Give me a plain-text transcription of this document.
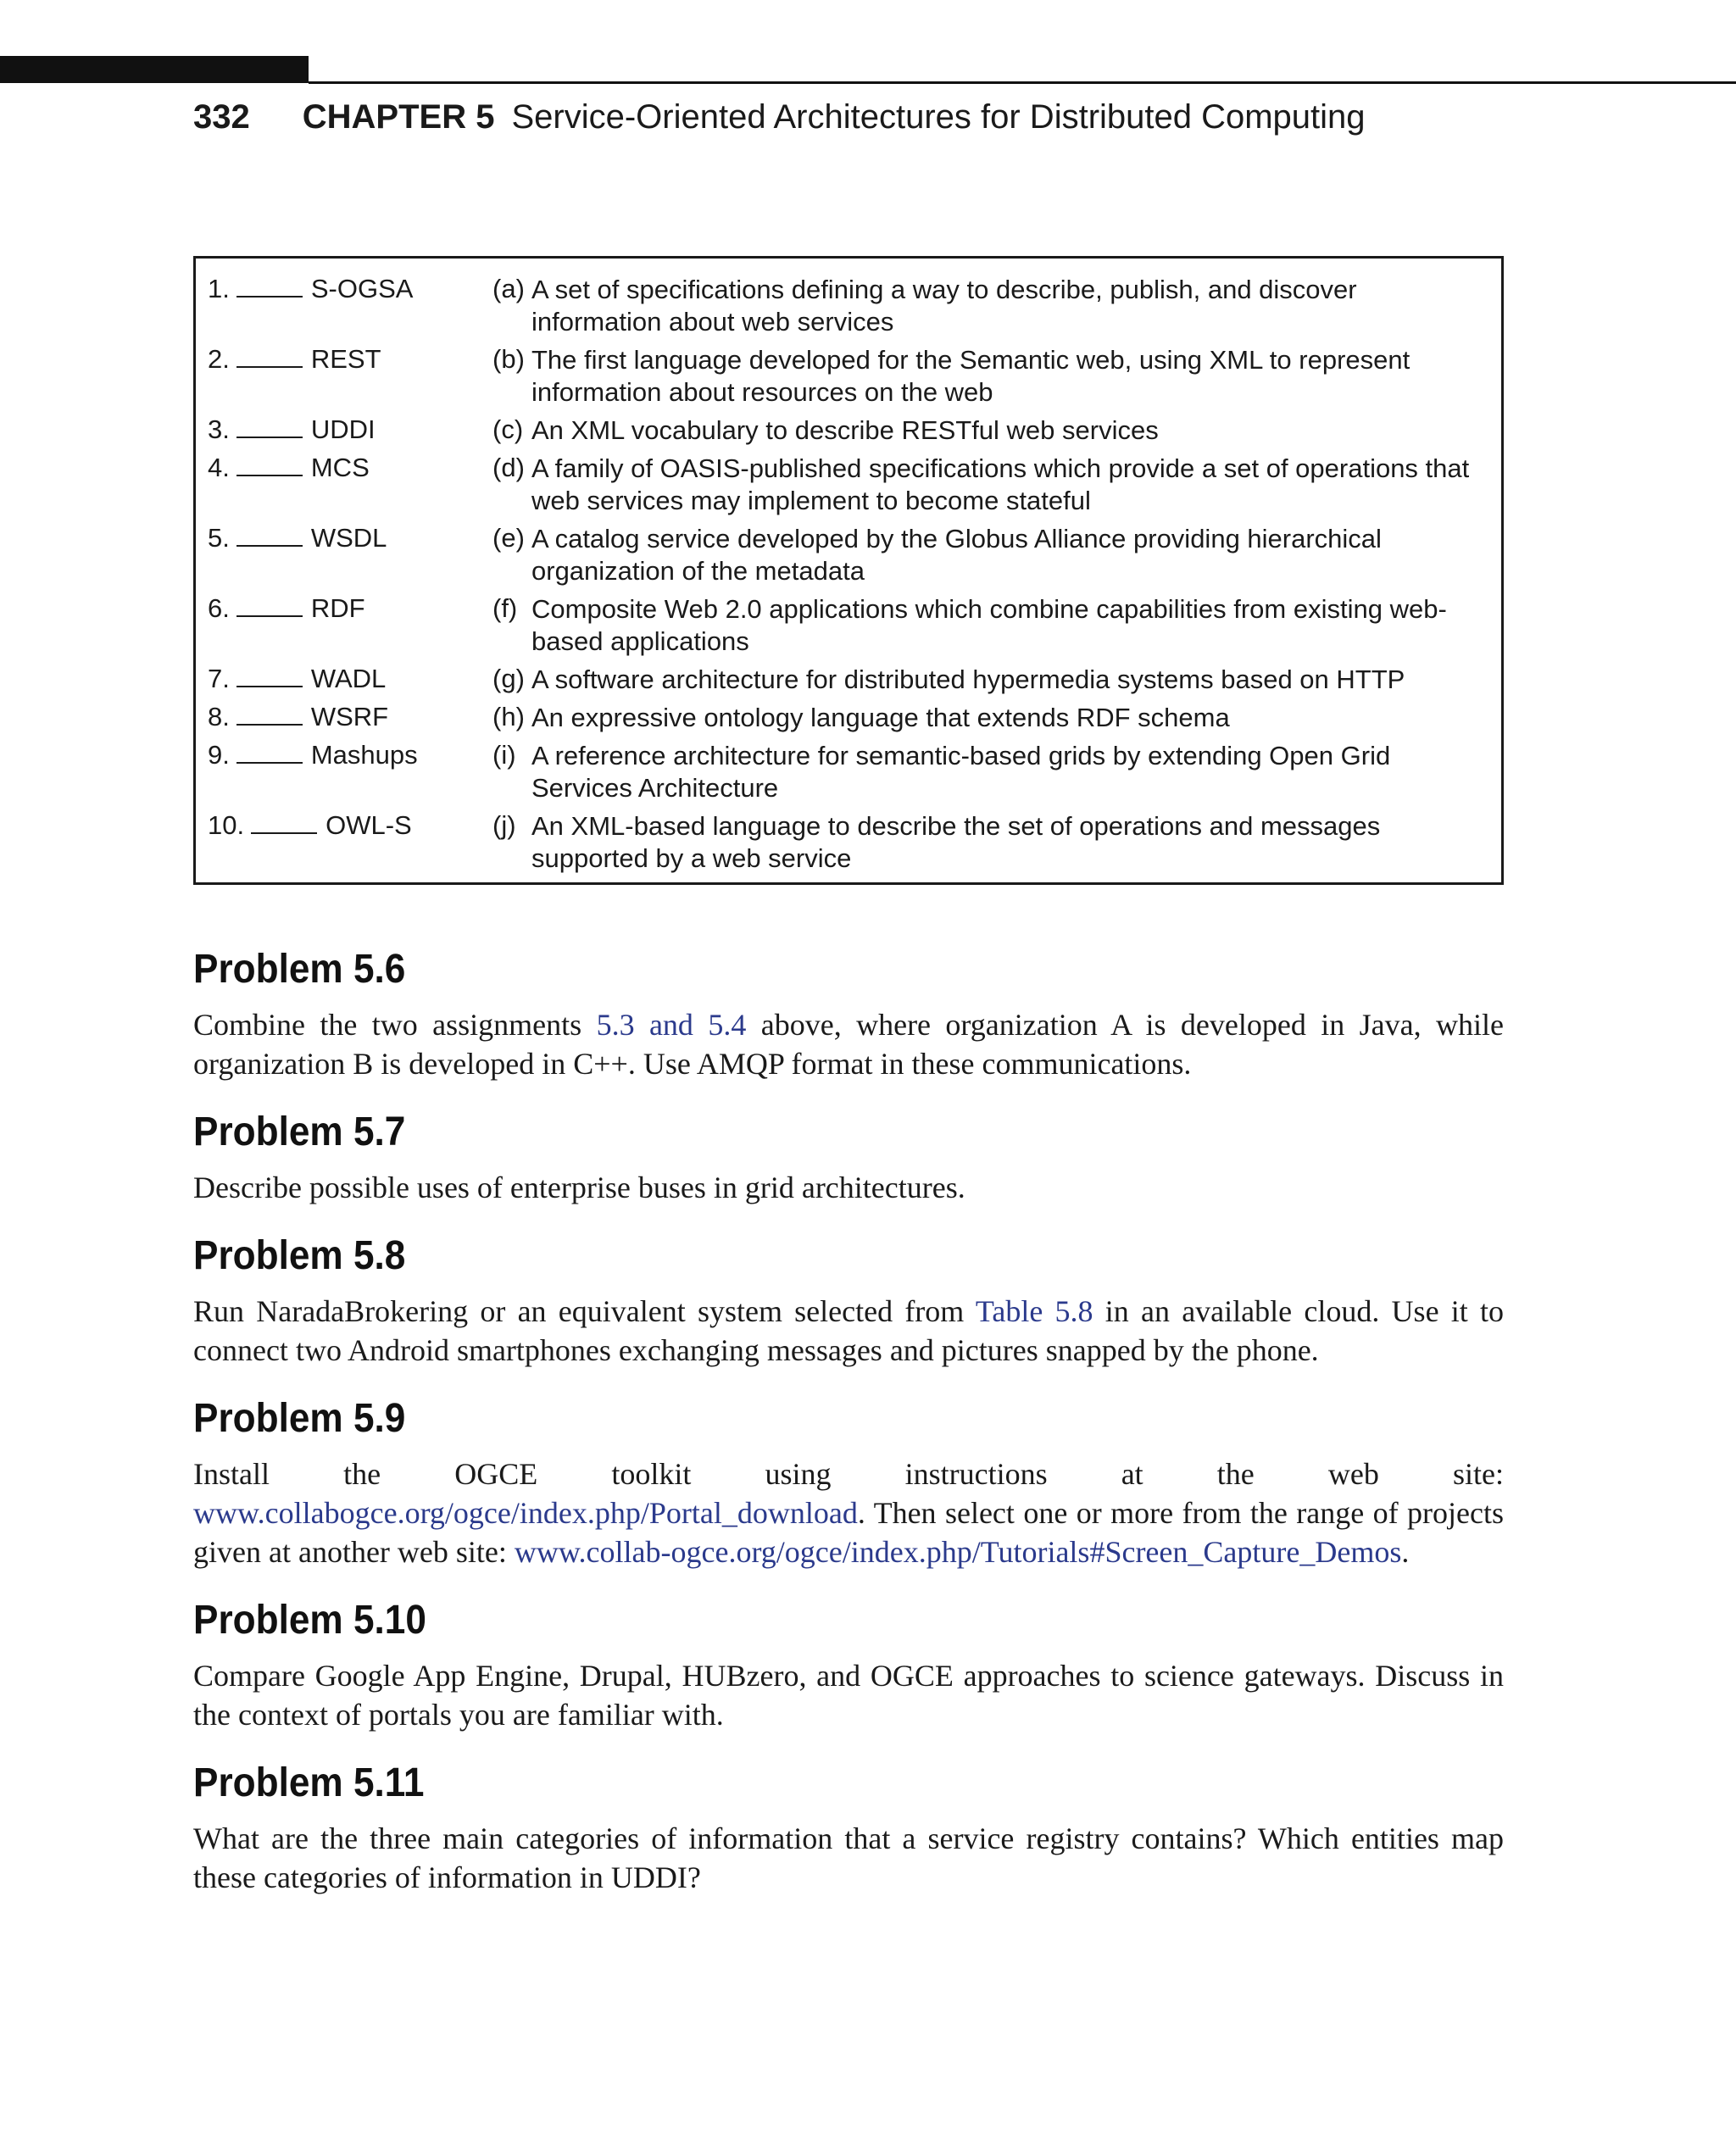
332 CHAPTER 5 Service-Oriented Architectures for Distributed Computing
1.	S-OGSA	(a) A set of specifications defining a way to describe, publish, and discover information about web services
2.	REST	(b) The first language developed for the Semantic web, using XML to represent information about resources on the web
3.	UDDI	(c) An XML vocabulary to describe RESTful web services
4.	MCS	(d) A family of OASIS-published specifications which provide a set of operations that web services may implement to become stateful
5.	WSDL	(e) A catalog service developed by the Globus Alliance providing hierarchical organization of the metadata
6.	RDF	(f) Composite Web 2.0 applications which combine capabilities from existing web-based applications
7.	WADL	(g) A software architecture for distributed hypermedia systems based on HTTP
8.	WSRF	(h) An expressive ontology language that extends RDF schema
9.	Mashups	(i) A reference architecture for semantic-based grids by extending Open Grid Services Architecture
10.	OWL-S	(j) An XML-based language to describe the set of operations and messages supported by a web service
Problem 5.6
Combine the two assignments 5.3 and 5.4 above, where organization A is developed in Java, while organization B is developed in C++. Use AMQP format in these communications.
Problem 5.7
Describe possible uses of enterprise buses in grid architectures.
Problem 5.8
Run NaradaBrokering or an equivalent system selected from Table 5.8 in an available cloud. Use it to connect two Android smartphones exchanging messages and pictures snapped by the phone.
Problem 5.9
Install the OGCE toolkit using instructions at the web site: www.collabogce.org/ogce/index.php/Portal_download. Then select one or more from the range of projects given at another web site: www.collab-ogce.org/ogce/index.php/Tutorials#Screen_Capture_Demos.
Problem 5.10
Compare Google App Engine, Drupal, HUBzero, and OGCE approaches to science gateways. Discuss in the context of portals you are familiar with.
Problem 5.11
What are the three main categories of information that a service registry contains? Which entities map these categories of information in UDDI?
